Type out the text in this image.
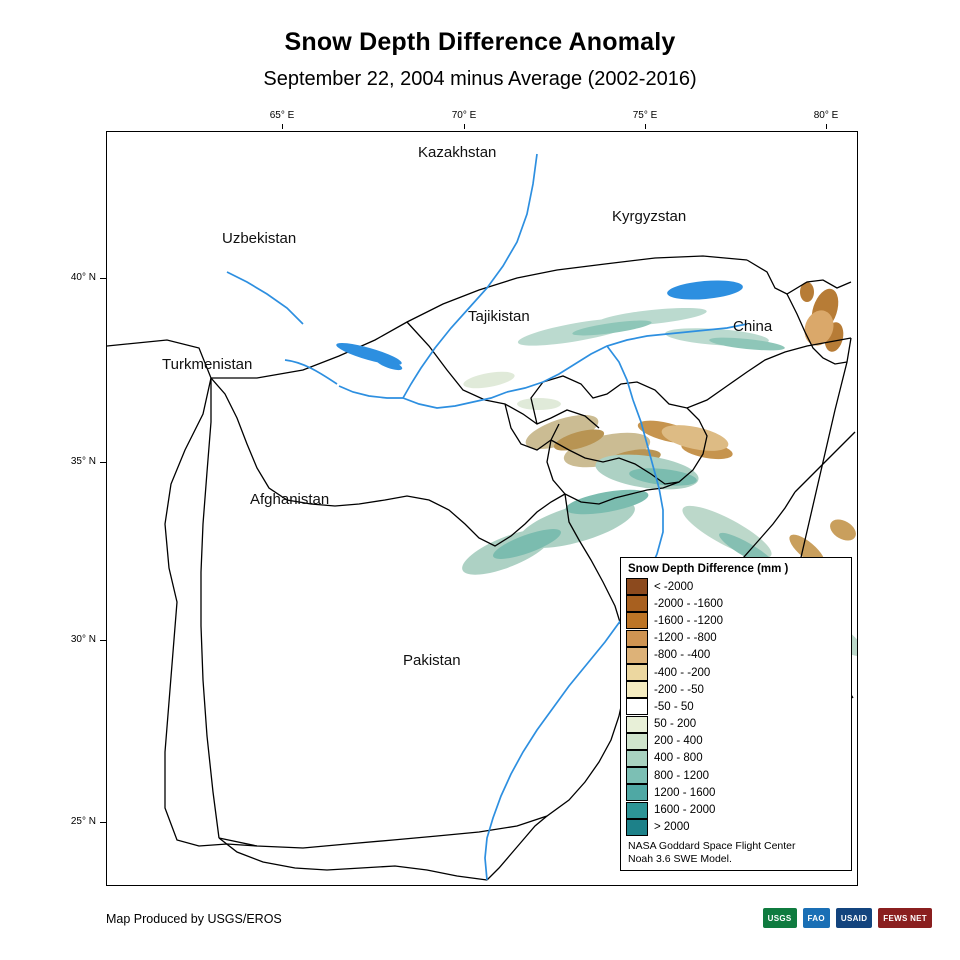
Snow Depth Difference Anomaly
September 22, 2004 minus Average (2002-2016)
65° E	70° E	75° E	80° E
40° N
35° N
30° N
25° N
Kazakhstan
Kyrgyzstan
Uzbekistan
Tajikistan
China
Turkmenistan
Afghanistan
Pakistan
Snow Depth Difference (mm )
< -2000
-2000 - -1600
-1600 - -1200
-1200 - -800
-800 - -400
-400 - -200
-200 - -50
-50 - 50
50 - 200
200 - 400
400 - 800
800 - 1200
1200 - 1600
1600 - 2000
> 2000
NASA Goddard Space Flight Center
Noah 3.6 SWE Model.
Map Produced by USGS/EROS	USGS	FAO	USAID	FEWS NET
